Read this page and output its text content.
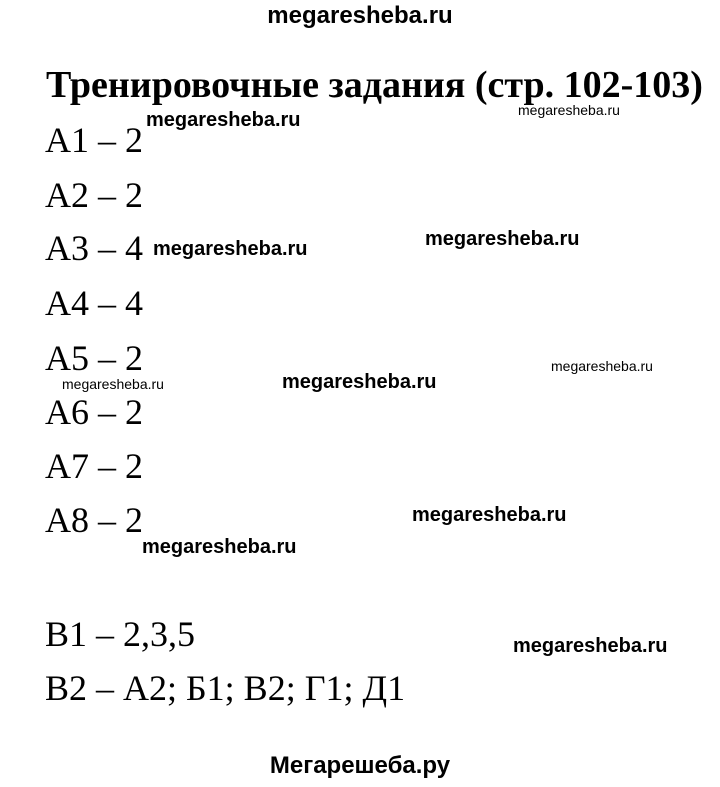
megaresheba.ru
Тренировочные задания (стр. 102-103)
А1 – 2
А2 – 2
А3 – 4
А4 – 4
А5 – 2
А6 – 2
А7 – 2
А8 – 2
В1 – 2,3,5
В2 – А2; Б1; В2; Г1; Д1
megaresheba.ru	megaresheba.ru
megaresheba.ru	megaresheba.ru
megaresheba.ru
megaresheba.ru	megaresheba.ru
megaresheba.ru
megaresheba.ru
megaresheba.ru
Мегарешеба.ру
